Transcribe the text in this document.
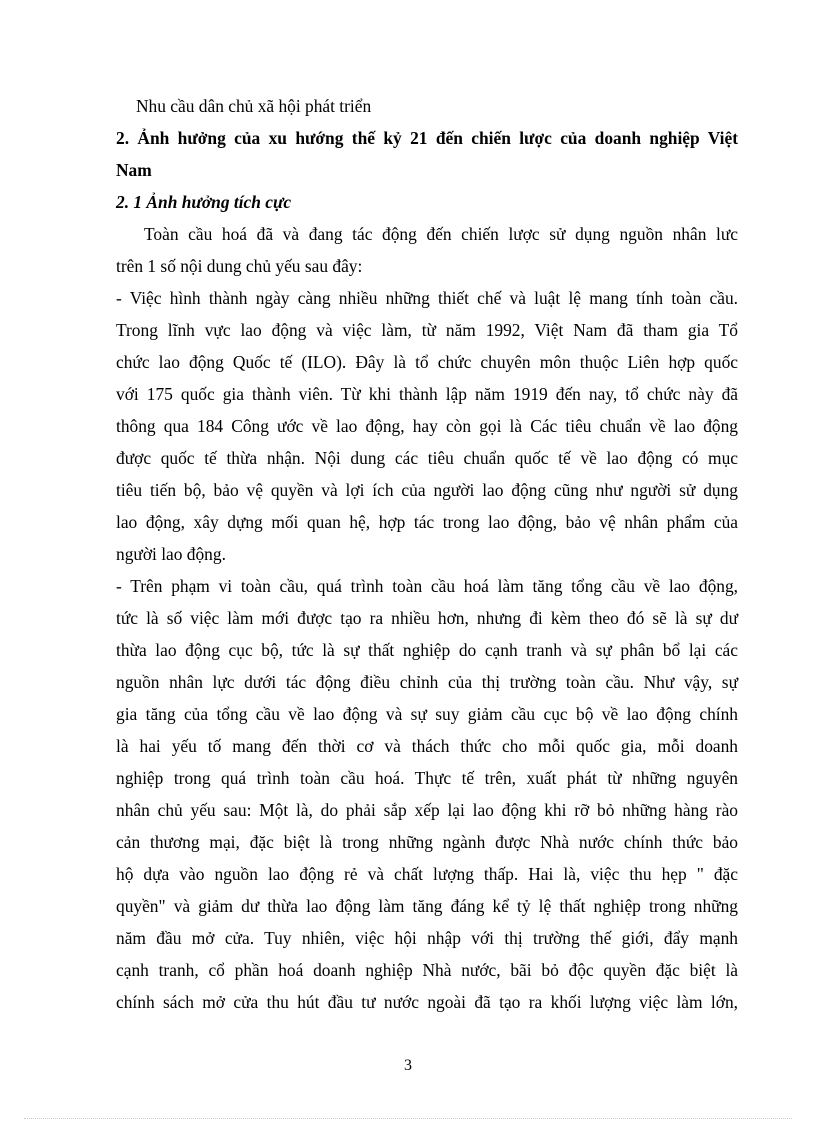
Nhu cầu dân chủ xã hội phát triển
2. Ảnh hưởng của xu hướng thế kỷ 21 đến chiến lược của doanh nghiệp Việt
Nam
2. 1 Ảnh hưởng tích cực
Toàn cầu hoá đã và đang tác động đến chiến lược sử dụng nguồn nhân lưc
trên 1 số nội dung chủ yếu sau đây:
- Việc hình thành ngày càng nhiều những thiết chế và luật lệ mang tính toàn cầu.
Trong lĩnh vực lao động và việc làm, từ năm 1992, Việt Nam đã tham gia Tổ
chức lao động Quốc tế (ILO). Đây là tổ chức chuyên môn thuộc Liên hợp quốc
với 175 quốc gia thành viên. Từ khi thành lập năm 1919 đến nay, tổ chức này đã
thông qua 184 Công ước về lao động, hay còn gọi là Các tiêu chuẩn về lao động
được quốc tế thừa nhận. Nội dung các tiêu chuẩn quốc tế về lao động có mục
tiêu tiến bộ, bảo vệ quyền và lợi ích của người lao động cũng như người sử dụng
lao động, xây dựng mối quan hệ, hợp tác trong lao động, bảo vệ nhân phẩm của
người lao động.
- Trên phạm vi toàn cầu, quá trình toàn cầu hoá làm tăng tổng cầu về lao động,
tức là số việc làm mới được tạo ra nhiều hơn, nhưng đi kèm theo đó sẽ là sự dư
thừa lao động cục bộ, tức là sự thất nghiệp do cạnh tranh và sự phân bổ lại các
nguồn nhân lực dưới tác động điều chỉnh của thị trường toàn cầu. Như vậy, sự
gia tăng của tổng cầu về lao động và sự suy giảm cầu cục bộ về lao động chính
là hai yếu tố mang đến thời cơ và thách thức cho mỗi quốc gia, mỗi doanh
nghiệp trong quá trình toàn cầu hoá. Thực tế trên, xuất phát từ những nguyên
nhân chủ yếu sau: Một là, do phải sắp xếp lại lao động khi rỡ bỏ những hàng rào
cản thương mại, đặc biệt là trong những ngành được Nhà nước chính thức bảo
hộ dựa vào nguồn lao động rẻ và chất lượng thấp. Hai là, việc thu hẹp " đặc
quyền" và giảm dư thừa lao động làm tăng đáng kể tỷ lệ thất nghiệp trong những
năm đầu mở cửa. Tuy nhiên, việc hội nhập với thị trường thế giới, đẩy mạnh
cạnh tranh, cổ phần hoá doanh nghiệp Nhà nước, bãi bỏ độc quyền đặc biệt là
chính sách mở cửa thu hút đầu tư nước ngoài đã tạo ra khối lượng việc làm lớn,
3
